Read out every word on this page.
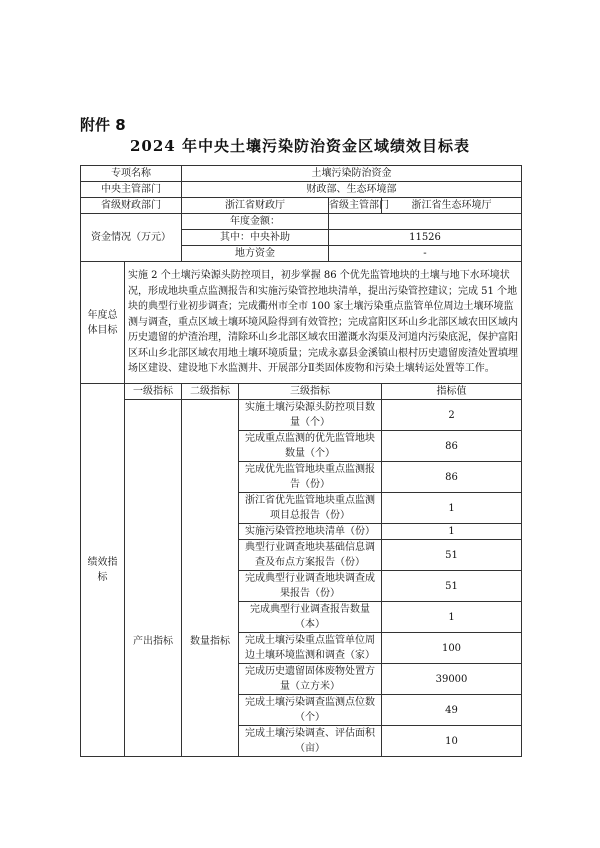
附件 8
2024 年中央土壤污染防治资金区域绩效目标表
专项名称		土壤污染防治资金			
中央主管部门		财政部、生态环境部			
省级财政部门		浙江省财政厅		省级主管部门	浙江省生态环境厅
资金情况（万元）		年度金额：			
		其中：中央补助		11526	
		地方资金		-	
年度总体目标	实施 2 个土壤污染源头防控项目，初步掌握 86 个优先监管地块的土壤与地下水环境状况，形成地块重点监测报告和实施污染管控地块清单，提出污染管控建议；完成 51 个地块的典型行业初步调查；完成衢州市全市 100 家土壤污染重点监管单位周边土壤环境监测与调查，重点区域土壤环境风险得到有效管控；完成富阳区环山乡北部区域农田区域内历史遗留的炉渣治理，清除环山乡北部区域农田灌溉水沟渠及河道内污染底泥，保护富阳区环山乡北部区域农用地土壤环境质量；完成永嘉县金溪镇山根村历史遗留废渣处置填埋场区建设、建设地下水监测井、开展部分Ⅱ类固体废物和污染土壤转运处置等工作。				
绩效指标	一级指标	二级指标	三级指标		指标值
	产出指标	数量指标	实施土壤污染源头防控项目数量（个）		2
			完成重点监测的优先监管地块数量（个）		86
			完成优先监管地块重点监测报告（份）		86
			浙江省优先监管地块重点监测项目总报告（份）		1
			实施污染管控地块清单（份）		1
			典型行业调查地块基础信息调查及布点方案报告（份）		51
			完成典型行业调查地块调查成果报告（份）		51
			完成典型行业调查报告数量（本）		1
			完成土壤污染重点监管单位周边土壤环境监测和调查（家）		100
			完成历史遗留固体废物处置方量（立方米）		39000
			完成土壤污染调查监测点位数（个）		49
			完成土壤污染调查、评估面积（亩）		10
